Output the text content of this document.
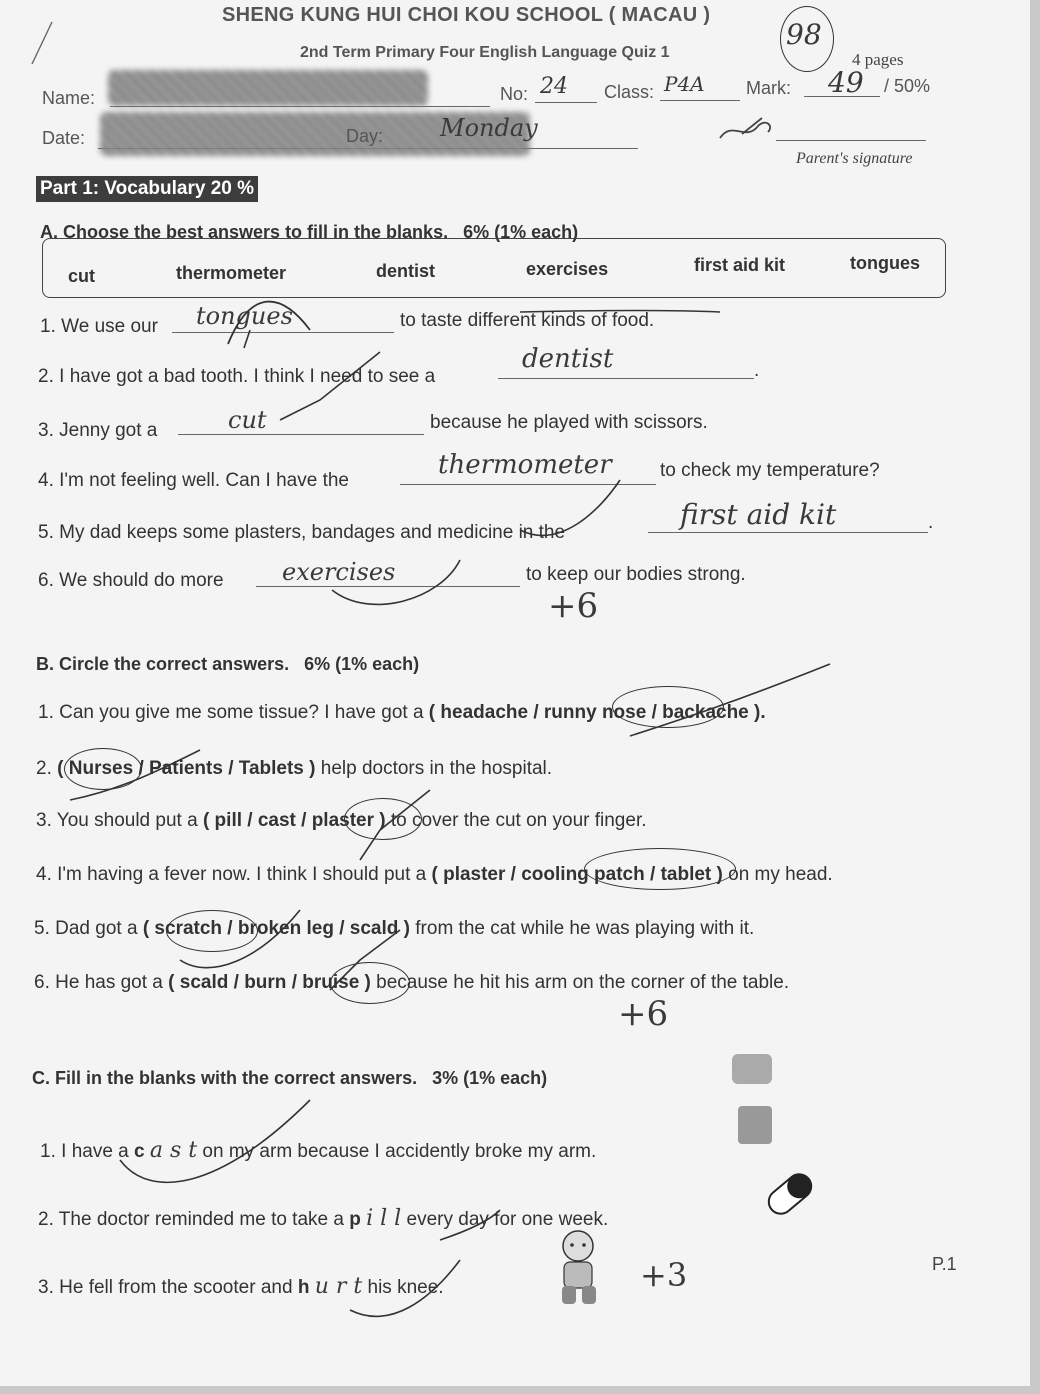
SHENG KUNG HUI CHOI KOU SCHOOL ( MACAU )
2nd Term Primary Four English Language Quiz 1	4 pages
98
Name:	No: 24 Class: P4A Mark: 49 / 50%
Date:	Day: Monday
Parent's signature
Part 1: Vocabulary 20 %
A. Choose the best answers to fill in the blanks. 6% (1% each)
cut	thermometer	dentist	exercises	first aid kit	tongues
1. We use our tongues	to taste different kinds of food.
2. I have got a bad tooth. I think I need to see a
dentist	.
3. Jenny got a	cut	because he played with scissors.
4. I'm not feeling well. Can I have the
thermometer	to check my temperature?
5. My dad keeps some plasters, bandages and medicine in the
first aid kit	.
6. We should do more exercises	to keep our bodies strong.
+6
B. Circle the correct answers. 6% (1% each)
1. Can you give me some tissue? I have got a ( headache / runny nose / backache ).
2. ( Nurses / Patients / Tablets ) help doctors in the hospital.
3. You should put a ( pill / cast / plaster ) to cover the cut on your finger.
4. I'm having a fever now. I think I should put a ( plaster / cooling patch / tablet ) on my head.
5. Dad got a ( scratch / broken leg / scald ) from the cat while he was playing with it.
6. He has got a ( scald / burn / bruise ) because he hit his arm on the corner of the table.
+6
C. Fill in the blanks with the correct answers. 3% (1% each)
1. I have a c a s t on my arm because I accidently broke my arm.
2. The doctor reminded me to take a p i l l every day for one week.
3. He fell from the scooter and h u r t his knee.	+3	P.1
